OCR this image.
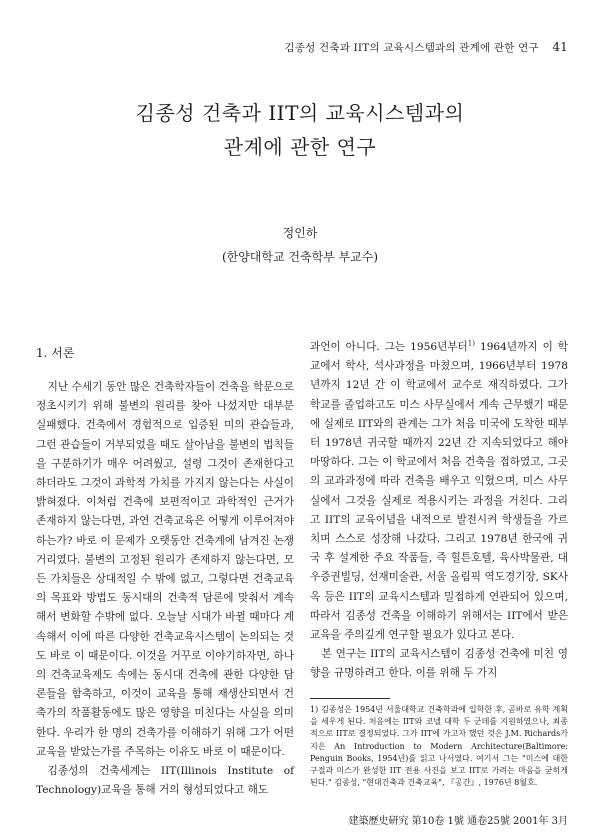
김종성 건축과 IIT의 교육시스템과의 관계에 관한 연구 41
김종성 건축과 IIT의 교육시스템과의
관계에 관한 연구
정인하
(한양대학교 건축학부 부교수)
1. 서론

지난 수세기 동안 많은 건축학자들이 건축을 학문으로 정초시키기 위해 불변의 원리를 찾아 나섰지만 대부분 실패했다. 건축에서 경험적으로 입증된 미의 관습들과, 그런 관습들이 거부되었을 때도 살아남을 불변의 법칙들을 구분하기가 매우 어려웠고, 설령 그것이 존재한다고 하더라도 그것이 과학적 가치를 가지지 않는다는 사실이 밝혀졌다. 이처럼 건축에 보편적이고 과학적인 근거가 존재하지 않는다면, 과연 건축교육은 어떻게 이루어져야 하는가? 바로 이 문제가 오랫동안 건축계에 남겨진 논쟁거리였다. 불변의 고정된 원리가 존재하지 않는다면, 모든 가치들은 상대적일 수 밖에 없고, 그렇다면 건축교육의 목표와 방법도 동시대의 건축적 담론에 맞춰서 계속해서 변화할 수밖에 없다. 오늘날 시대가 바뀔 때마다 계속해서 이에 따른 다양한 건축교육시스템이 논의되는 것도 바로 이 때문이다. 이것을 거꾸로 이야기하자면, 하나의 건축교육제도 속에는 동시대 건축에 관한 다양한 담론들을 함축하고, 이것이 교육을 통해 재생산되면서 건축가의 작품활동에도 많은 영향을 미친다는 사실을 의미한다. 우리가 한 명의 건축가를 이해하기 위해 그가 어떤 교육을 받았는가를 주목하는 이유도 바로 이 때문이다.

김종성의 건축세계는 IIT(Illinois Institute of Technology)교육을 통해 거의 형성되었다고 해도

과언이 아니다. 그는 1956년부터$^{1)}$ 1964년까지 이 학교에서 학사, 석사과정을 마쳤으며, 1966년부터 1978년까지 12년 간 이 학교에서 교수로 재직하였다. 그가 학교를 졸업하고도 미스 사무실에서 계속 근무했기 때문에 실제로 IIT와의 관계는 그가 처음 미국에 도착한 때부터 1978년 귀국할 때까지 22년 간 지속되었다고 해야 마땅하다. 그는 이 학교에서 처음 건축을 접하였고, 그곳의 교과과정에 따라 건축을 배우고 익혔으며, 미스 사무실에서 그것을 실제로 적용시키는 과정을 거친다. 그리고 IIT의 교육이념을 내적으로 발전시켜 학생들을 가르치며 스스로 성장해 나갔다. 그리고 1978년 한국에 귀국 후 설계한 주요 작품들, 즉 힐튼호텔, 육사박물관, 대우증권빌딩, 선재미술관, 서울 올림픽 역도경기장, SK사옥 등은 IIT의 교육시스템과 밀접하게 연관되어 있으며, 따라서 김종성 건축을 이해하기 위해서는 IIT에서 받은 교육을 주의깊게 연구할 필요가 있다고 본다.

본 연구는 IIT의 교육시스템이 김종성 건축에 미친 영향을 규명하려고 한다. 이를 위해 두 가지

1) 김종성은 1954년 서울대학교 건축학과에 입학한 후, 곧바로 유학 계획을 세우게 된다. 처음에는 IIT와 코넬 대학 두 군데를 지원하였으나, 최종적으로 IIT로 결정되었다. 그가 IIT에 가고자 했던 것은 J.M. Richards가 지은 An Introduction to Modern Architecture(Baltimore: Penguin Books, 1954년)를 읽고 나서였다. 여기서 그는 "미스에 대한 구절과 미스가 완성한 IIT 전용 사진을 보고 IIT로 가려는 마음을 굳히게 된다." 김종성, "현대건축과 건축교육", 『공간』, 1976년 8월호.

建築歷史硏究 第10卷 1號 通卷25號 2001年 3月
